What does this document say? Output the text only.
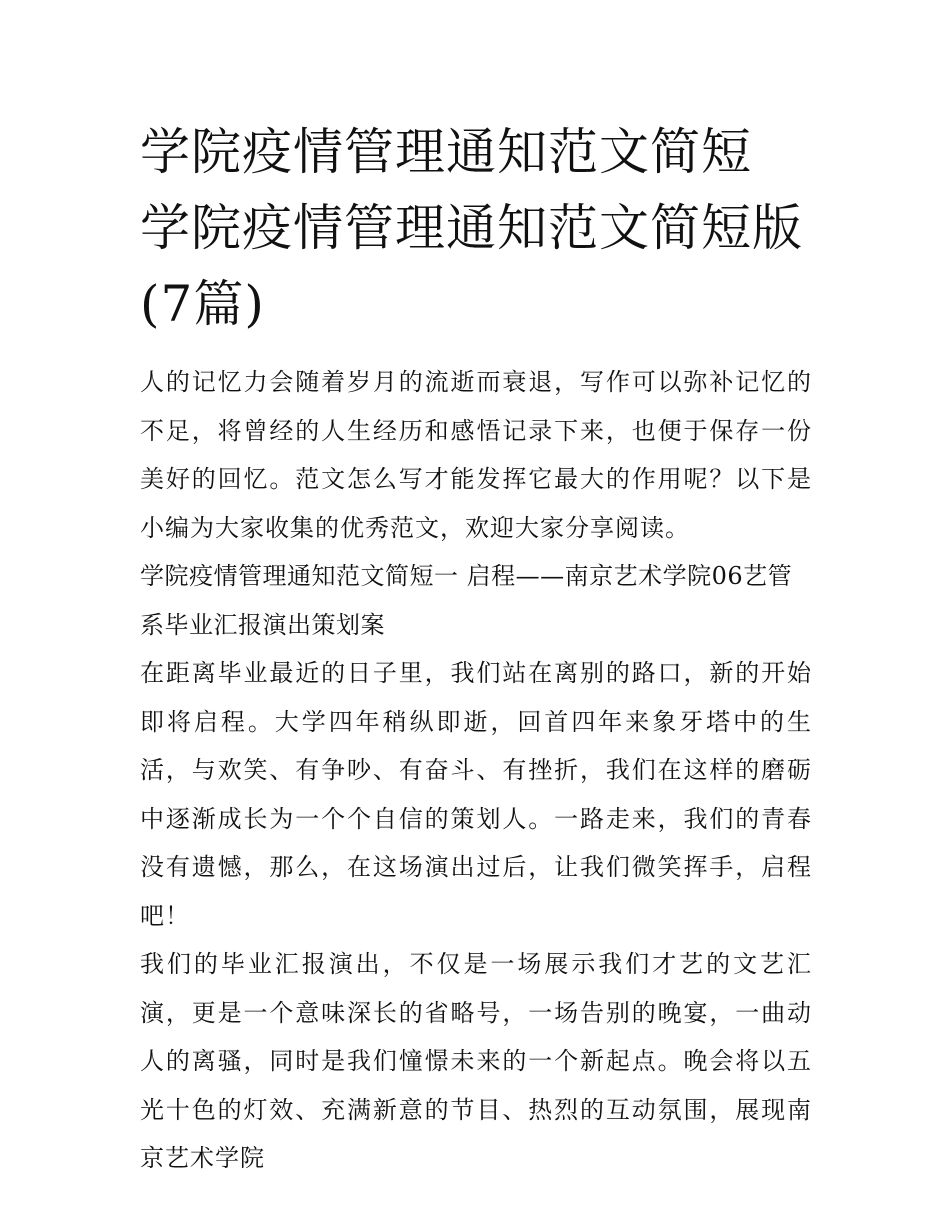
学院疫情管理通知范文简短 学院疫情管理通知范文简短版(7篇)

人的记忆力会随着岁月的流逝而衰退，写作可以弥补记忆的不足，将曾经的人生经历和感悟记录下来，也便于保存一份美好的回忆。范文怎么写才能发挥它最大的作用呢？以下是小编为大家收集的优秀范文，欢迎大家分享阅读。

学院疫情管理通知范文简短一 启程——南京艺术学院06艺管系毕业汇报演出策划案

在距离毕业最近的日子里，我们站在离别的路口，新的开始即将启程。大学四年稍纵即逝，回首四年来象牙塔中的生活，与欢笑、有争吵、有奋斗、有挫折，我们在这样的磨砺中逐渐成长为一个个自信的策划人。一路走来，我们的青春没有遗憾，那么，在这场演出过后，让我们微笑挥手，启程吧！

我们的毕业汇报演出，不仅是一场展示我们才艺的文艺汇演，更是一个意味深长的省略号，一场告别的晚宴，一曲动人的离骚，同时是我们憧憬未来的一个新起点。晚会将以五光十色的灯效、充满新意的节目、热烈的互动氛围，展现南京艺术学院
